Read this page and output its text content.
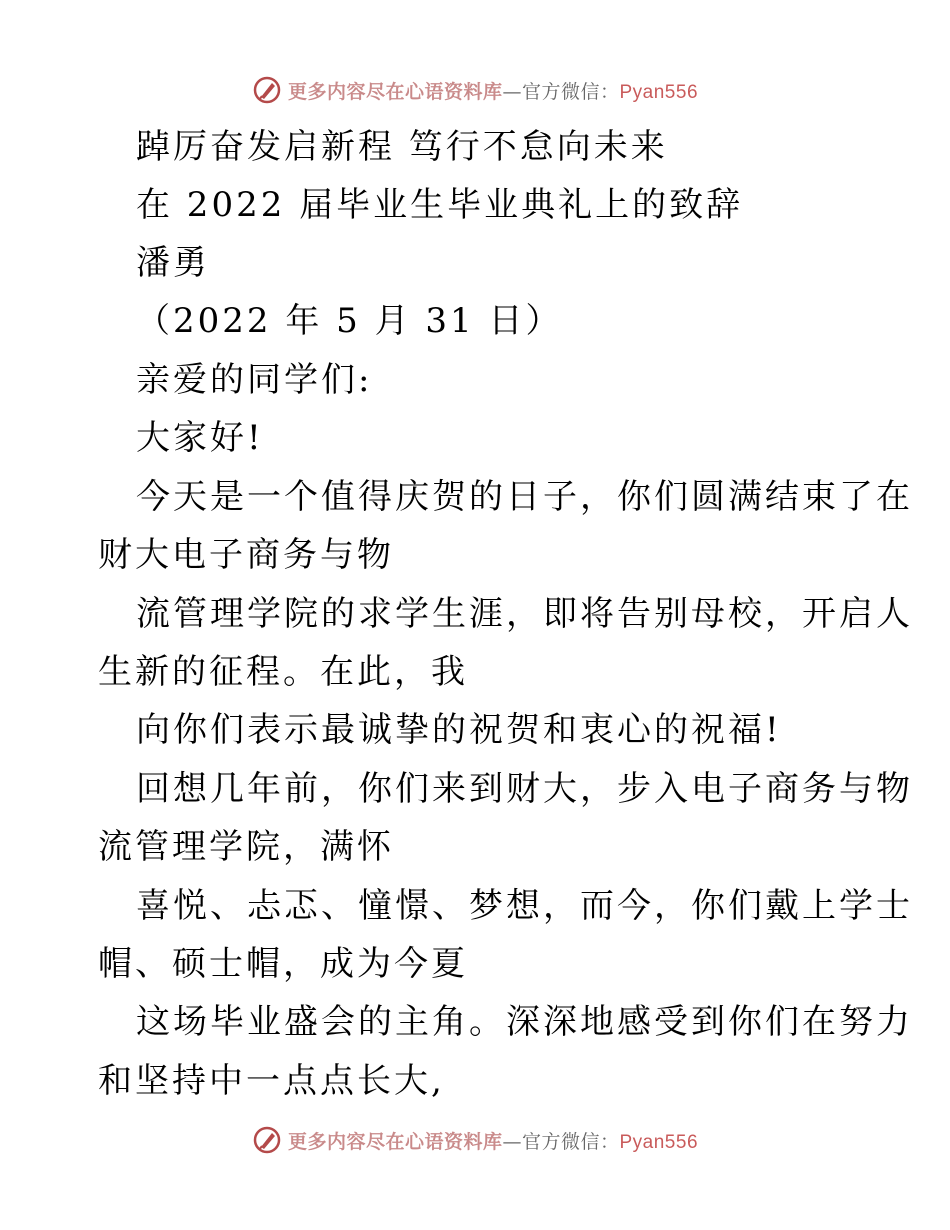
更多内容尽在心语资料库—官方微信：Pyan556
踔厉奋发启新程 笃行不怠向未来
在 2022 届毕业生毕业典礼上的致辞
潘勇
（2022 年 5 月 31 日）
亲爱的同学们:
大家好!
今天是一个值得庆贺的日子，你们圆满结束了在
财大电子商务与物
流管理学院的求学生涯，即将告别母校，开启人
生新的征程。在此，我
向你们表示最诚挚的祝贺和衷心的祝福!
回想几年前，你们来到财大，步入电子商务与物
流管理学院，满怀
喜悦、忐忑、憧憬、梦想，而今，你们戴上学士
帽、硕士帽，成为今夏
这场毕业盛会的主角。深深地感受到你们在努力
和坚持中一点点长大,
更多内容尽在心语资料库—官方微信：Pyan556
